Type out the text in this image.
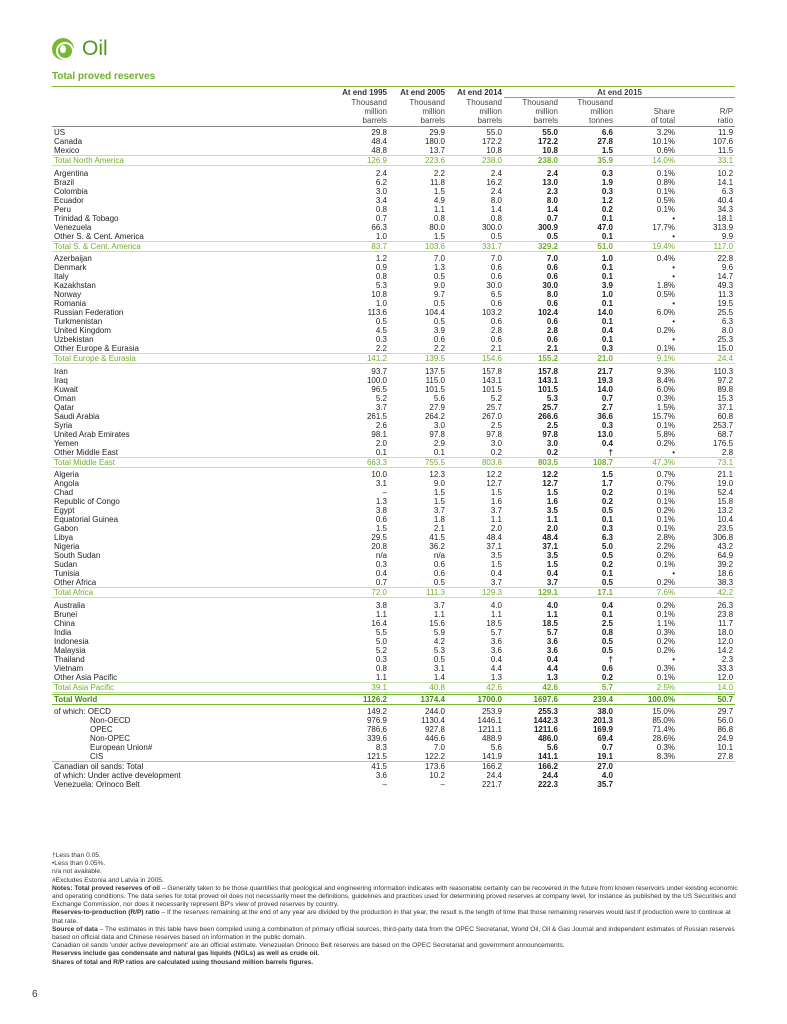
Oil
Total proved reserves
	At end 1995	At end 2005	At end 2014	At end 2015			
	Thousand	Thousand	Thousand	Thousand	Thousand		
	million	million	million	million	million	Share	R/P
	barrels	barrels	barrels	barrels	tonnes	of total	ratio
US	29.8	29.9	55.0	55.0	6.6	3.2%	11.9
Canada	48.4	180.0	172.2	172.2	27.8	10.1%	107.6
Mexico	48.8	13.7	10.8	10.8	1.5	0.6%	11.5
Total North America	126.9	223.6	238.0	238.0	35.9	14.0%	33.1

Argentina	2.4	2.2	2.4	2.4	0.3	0.1%	10.2
Brazil	6.2	11.8	16.2	13.0	1.9	0.8%	14.1
Colombia	3.0	1.5	2.4	2.3	0.3	0.1%	6.3
Ecuador	3.4	4.9	8.0	8.0	1.2	0.5%	40.4
Peru	0.8	1.1	1.4	1.4	0.2	0.1%	34.3
Trinidad & Tobago	0.7	0.8	0.8	0.7	0.1	•	18.1
Venezuela	66.3	80.0	300.0	300.9	47.0	17.7%	313.9
Other S. & Cent. America	1.0	1.5	0.5	0.5	0.1	•	9.9
Total S. & Cent. America	83.7	103.6	331.7	329.2	51.0	19.4%	117.0

Azerbaijan	1.2	7.0	7.0	7.0	1.0	0.4%	22.8
Denmark	0.9	1.3	0.6	0.6	0.1	•	9.6
Italy	0.8	0.5	0.6	0.6	0.1	•	14.7
Kazakhstan	5.3	9.0	30.0	30.0	3.9	1.8%	49.3
Norway	10.8	9.7	6.5	8.0	1.0	0.5%	11.3
Romania	1.0	0.5	0.6	0.6	0.1	•	19.5
Russian Federation	113.6	104.4	103.2	102.4	14.0	6.0%	25.5
Turkmenistan	0.5	0.5	0.6	0.6	0.1	•	6.3
United Kingdom	4.5	3.9	2.8	2.8	0.4	0.2%	8.0
Uzbekistan	0.3	0.6	0.6	0.6	0.1	•	25.3
Other Europe & Eurasia	2.2	2.2	2.1	2.1	0.3	0.1%	15.0
Total Europe & Eurasia	141.2	139.5	154.6	155.2	21.0	9.1%	24.4

Iran	93.7	137.5	157.8	157.8	21.7	9.3%	110.3
Iraq	100.0	115.0	143.1	143.1	19.3	8.4%	97.2
Kuwait	96.5	101.5	101.5	101.5	14.0	6.0%	89.8
Oman	5.2	5.6	5.2	5.3	0.7	0.3%	15.3
Qatar	3.7	27.9	25.7	25.7	2.7	1.5%	37.1
Saudi Arabia	261.5	264.2	267.0	266.6	36.6	15.7%	60.8
Syria	2.6	3.0	2.5	2.5	0.3	0.1%	253.7
United Arab Emirates	98.1	97.8	97.8	97.8	13.0	5.8%	68.7
Yemen	2.0	2.9	3.0	3.0	0.4	0.2%	176.5
Other Middle East	0.1	0.1	0.2	0.2	†	•	2.8
Total Middle East	663.3	755.5	803.8	803.5	108.7	47.3%	73.1

Algeria	10.0	12.3	12.2	12.2	1.5	0.7%	21.1
Angola	3.1	9.0	12.7	12.7	1.7	0.7%	19.0
Chad	–	1.5	1.5	1.5	0.2	0.1%	52.4
Republic of Congo	1.3	1.5	1.6	1.6	0.2	0.1%	15.8
Egypt	3.8	3.7	3.7	3.5	0.5	0.2%	13.2
Equatorial Guinea	0.6	1.8	1.1	1.1	0.1	0.1%	10.4
Gabon	1.5	2.1	2.0	2.0	0.3	0.1%	23.5
Libya	29.5	41.5	48.4	48.4	6.3	2.8%	306.8
Nigeria	20.8	36.2	37.1	37.1	5.0	2.2%	43.2
South Sudan	n/a	n/a	3.5	3.5	0.5	0.2%	64.9
Sudan	0.3	0.6	1.5	1.5	0.2	0.1%	39.2
Tunisia	0.4	0.6	0.4	0.4	0.1	•	18.6
Other Africa	0.7	0.5	3.7	3.7	0.5	0.2%	38.3
Total Africa	72.0	111.3	129.3	129.1	17.1	7.6%	42.2

Australia	3.8	3.7	4.0	4.0	0.4	0.2%	26.3
Brunei	1.1	1.1	1.1	1.1	0.1	0.1%	23.8
China	16.4	15.6	18.5	18.5	2.5	1.1%	11.7
India	5.5	5.9	5.7	5.7	0.8	0.3%	18.0
Indonesia	5.0	4.2	3.6	3.6	0.5	0.2%	12.0
Malaysia	5.2	5.3	3.6	3.6	0.5	0.2%	14.2
Thailand	0.3	0.5	0.4	0.4	†	•	2.3
Vietnam	0.8	3.1	4.4	4.4	0.6	0.3%	33.3
Other Asia Pacific	1.1	1.4	1.3	1.3	0.2	0.1%	12.0
Total Asia Pacific	39.1	40.8	42.6	42.6	5.7	2.5%	14.0

Total World	1126.2	1374.4	1700.0	1697.6	239.4	100.0%	50.7

of which: OECD	149.2	244.0	253.9	255.3	38.0	15.0%	29.7
Non-OECD	976.9	1130.4	1446.1	1442.3	201.3	85.0%	56.0
OPEC	786.6	927.8	1211.1	1211.6	169.9	71.4%	86.8
Non-OPEC	339.6	446.6	488.9	486.0	69.4	28.6%	24.9
European Union#	8.3	7.0	5.6	5.6	0.7	0.3%	10.1
CIS	121.5	122.2	141.9	141.1	19.1	8.3%	27.8
Canadian oil sands: Total	41.5	173.6	166.2	166.2	27.0		
of which: Under active development	3.6	10.2	24.4	24.4	4.0		
Venezuela: Orinoco Belt	–	–	221.7	222.3	35.7		
†Less than 0.05.
•Less than 0.05%.
n/a not available.
#Excludes Estonia and Latvia in 2005.
Notes: Total proved reserves of oil – Generally taken to be those quantities that geological and engineering information indicates with reasonable certainty can be recovered in the future from known reservoirs under existing economic and operating conditions. The data series for total proved oil does not necessarily meet the definitions, guidelines and practices used for determining proved reserves at company level, for instance as published by the US Securities and Exchange Commission, nor does it necessarily represent BP's view of proved reserves by country.
Reserves-to-production (R/P) ratio – If the reserves remaining at the end of any year are divided by the production in that year, the result is the length of time that those remaining reserves would last if production were to continue at that rate.
Source of data – The estimates in this table have been compiled using a combination of primary official sources, third-party data from the OPEC Secretariat, World Oil, Oil & Gas Journal and independent estimates of Russian reserves based on official data and Chinese reserves based on information in the public domain.
Canadian oil sands 'under active development' are an official estimate. Venezuelan Orinoco Belt reserves are based on the OPEC Secretariat and government announcements.
Reserves include gas condensate and natural gas liquids (NGLs) as well as crude oil.
Shares of total and R/P ratios are calculated using thousand million barrels figures.
6
